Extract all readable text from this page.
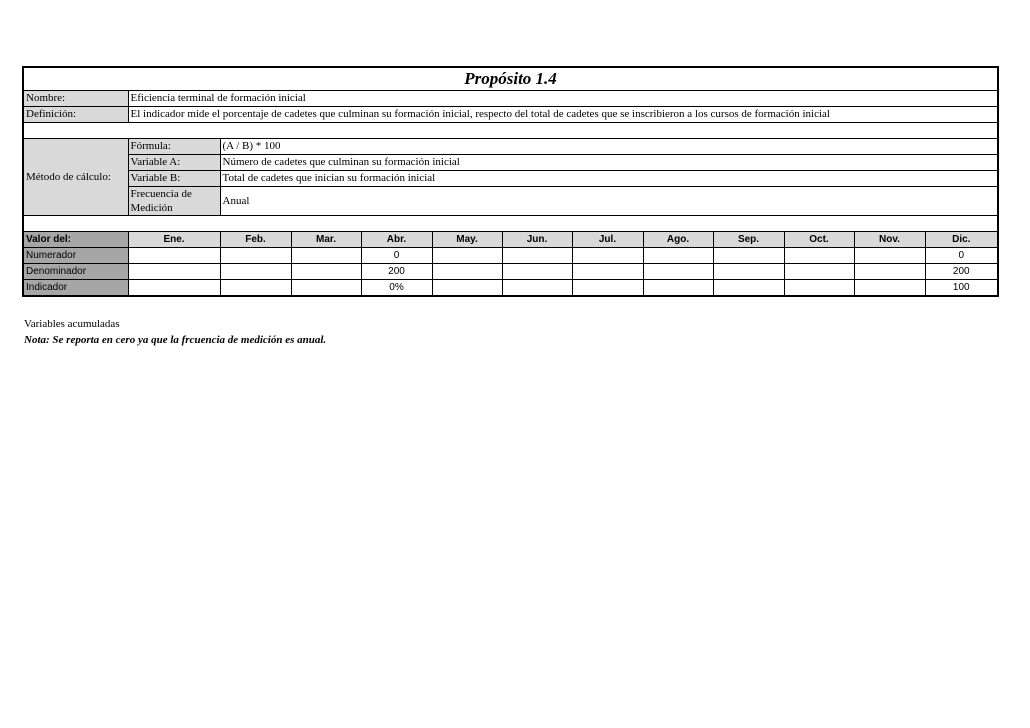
Propósito 1.4												
Nombre:	Eficiencia terminal de formación inicial											
Definición:	El indicador mide el porcentaje de cadetes que culminan su formación inicial, respecto del total de cadetes que se inscribieron a los cursos de formación inicial											

Método de cálculo:	Fórmula:	(A / B) * 100										
	Variable A:	Número de cadetes que culminan su formación inicial										
	Variable B:	Total de cadetes que inician su formación inicial										
	Frecuencia de Medición	Anual										

Valor del:	Ene.	Feb.	Mar.	Abr.	May.	Jun.	Jul.	Ago.	Sep.	Oct.	Nov.	Dic.
Numerador				0								0
Denominador				200								200
Indicador				0%								100
Variables acumuladas
Nota: Se reporta en cero ya que la frcuencia de medición es anual.
